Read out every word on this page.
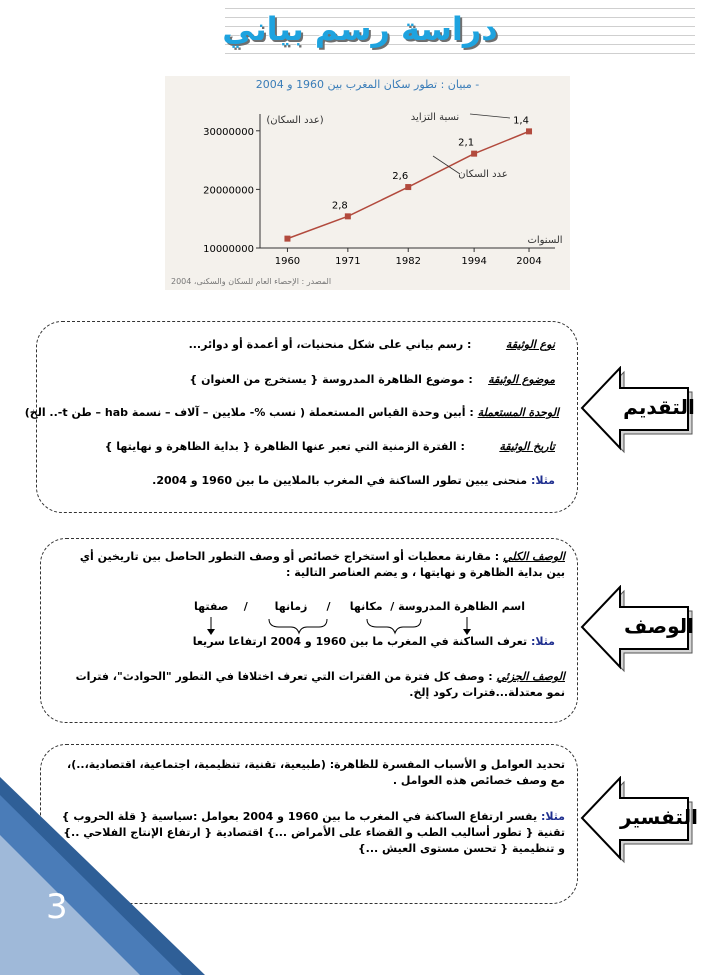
دراسة رسم بياني
- مبيان : تطور سكان المغرب بين 1960 و 2004
10000000
20000000
30000000
1960	1971	1982	1994	2004
2,8
2,6
2,1
1,4
نسبة التزايد
عدد السكان
(عدد السكان)
السنوات
المصدر : الإحصاء العام للسكان والسكنى، 2004
التقديم
نوع الوثيقة         : رسم بياني على شكل منحنيات، أو أعمدة أو دوائر...
موضوع الوثيقة    : موضوع الظاهرة المدروسة { يستخرج من العنوان }
الوحدة المستعملة : أبين وحدة القياس المستعملة ( نسب %- ملايين – آلاف – نسمة hab – طن t-.. الخ)
تاريخ الوثيقة         : الفترة الزمنية التي تعبر عنها الظاهرة { بداية الظاهرة و نهايتها }
مثلا: منحنى يبين تطور الساكنة في المغرب بالملايين ما بين 1960 و 2004.
الوصف
الوصف الكلي : مقارنة معطيات أو استخراج خصائص أو وصف التطور الحاصل بين تاريخين أي بين بداية الظاهرة و نهايتها ، و يضم العناصر التالية :
اسم الظاهرة المدروسة /  مكانها     /     زمانها       /    صفتها
مثلا: تعرف الساكنة في المغرب ما بين 1960 و 2004 ارتفاعا سريعا
الوصف الجزئي : وصف كل فترة من الفترات التي تعرف اختلافا في التطور "الحوادث"، فترات نمو معتدلة...فترات ركود إلخ.
التفسير
تحديد العوامل و الأسباب المفسرة للظاهرة: (طبيعية، تقنية، تنظيمية، اجتماعية، اقتصادية،..)، مع وصف خصائص هذه العوامل .
مثلا: يفسر ارتفاع الساكنة في المغرب ما بين 1960 و 2004 بعوامل :سياسية { قلة الحروب } تقنية { تطور أساليب الطب و القضاء على الأمراض ...} اقتصادية { ارتفاع الإنتاج الفلاحي ..} و تنظيمية { تحسن مستوى العيش ...}
3
